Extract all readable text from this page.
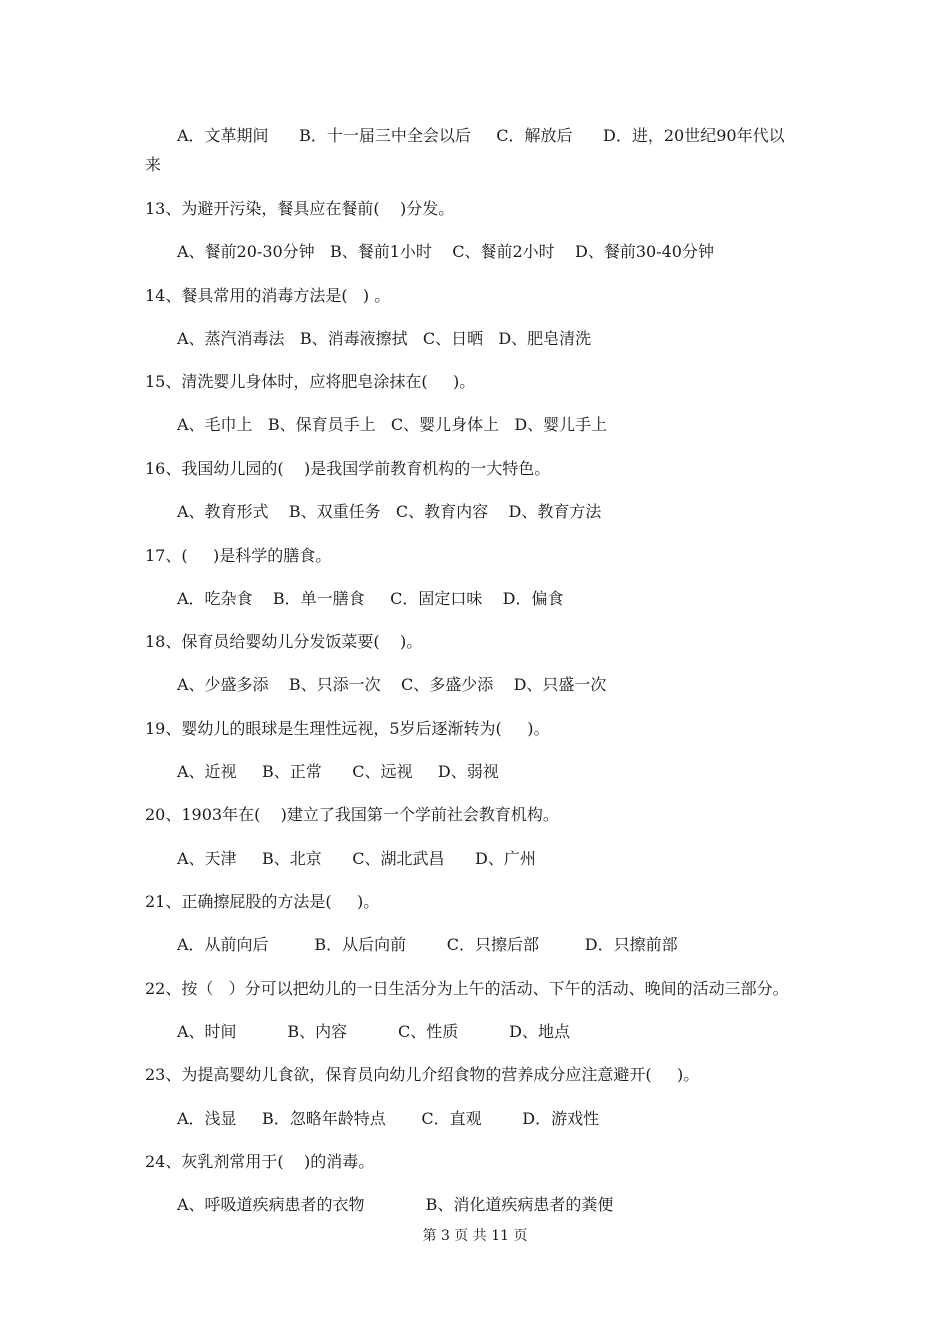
A．文革期间      B．十一届三中全会以后     C．解放后      D．进，20世纪90年代以
来
13、为避开污染，餐具应在餐前(    )分发。
A、餐前20-30分钟   B、餐前1小时    C、餐前2小时    D、餐前30-40分钟
14、餐具常用的消毒方法是(   ) 。
A、蒸汽消毒法   B、消毒液擦拭   C、日晒   D、肥皂清洗
15、清洗婴儿身体时，应将肥皂涂抹在(     )。
A、毛巾上   B、保育员手上   C、婴儿身体上   D、婴儿手上
16、我国幼儿园的(    )是我国学前教育机构的一大特色。
A、教育形式    B、双重任务   C、教育内容    D、教育方法
17、(     )是科学的膳食。
A．吃杂食    B．单一膳食     C．固定口味    D．偏食
18、保育员给婴幼儿分发饭菜要(    )。
A、少盛多添    B、只添一次    C、多盛少添    D、只盛一次
19、婴幼儿的眼球是生理性远视，5岁后逐渐转为(     )。
A、近视     B、正常      C、远视     D、弱视
20、1903年在(    )建立了我国第一个学前社会教育机构。
A、天津     B、北京      C、湖北武昌      D、广州
21、正确擦屁股的方法是(     )。
A．从前向后         B．从后向前        C．只擦后部         D．只擦前部
22、按（   ）分可以把幼儿的一日生活分为上午的活动、下午的活动、晚间的活动三部分。
A、时间          B、内容          C、性质          D、地点
23、为提高婴幼儿食欲，保育员向幼儿介绍食物的营养成分应注意避开(     )。
A．浅显     B．忽略年龄特点       C．直观        D．游戏性
24、灰乳剂常用于(    )的消毒。
A、呼吸道疾病患者的衣物            B、消化道疾病患者的粪便
第 3 页 共 11 页
